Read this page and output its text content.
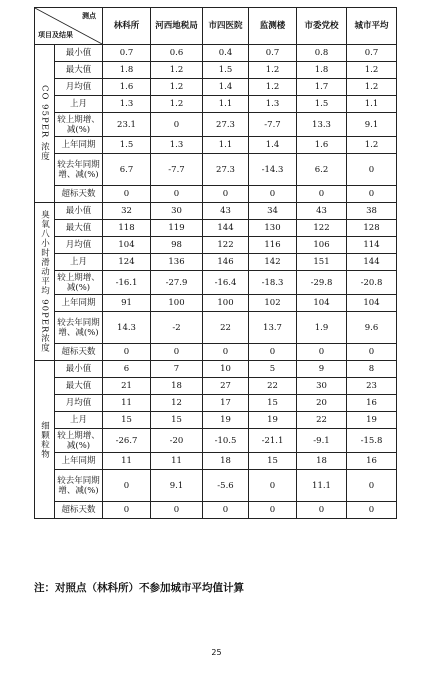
测点
项目及结果		林科所	河西地税局	市四医院	监测楼	市委党校	城市平均
CO 95PER 浓度	最小值	0.7	0.6	0.4	0.7	0.8	0.7
	最大值	1.8	1.2	1.5	1.2	1.8	1.2
	月均值	1.6	1.2	1.4	1.2	1.7	1.2
	上月	1.3	1.2	1.1	1.3	1.5	1.1
	较上期增、减(%)	23.1	0	27.3	-7.7	13.3	9.1
	上年同期	1.5	1.3	1.1	1.4	1.6	1.2
	较去年同期增、减(%)	6.7	-7.7	27.3	-14.3	6.2	0
	超标天数	0	0	0	0	0	0
臭氧八小时滑动平均 90PER浓度	最小值	32	30	43	34	43	38
	最大值	118	119	144	130	122	128
	月均值	104	98	122	116	106	114
	上月	124	136	146	142	151	144
	较上期增、减(%)	-16.1	-27.9	-16.4	-18.3	-29.8	-20.8
	上年同期	91	100	100	102	104	104
	较去年同期增、减(%)	14.3	-2	22	13.7	1.9	9.6
	超标天数	0	0	0	0	0	0
细颗粒物	最小值	6	7	10	5	9	8
	最大值	21	18	27	22	30	23
	月均值	11	12	17	15	20	16
	上月	15	15	19	19	22	19
	较上期增、减(%)	-26.7	-20	-10.5	-21.1	-9.1	-15.8
	上年同期	11	11	18	15	18	16
	较去年同期增、减(%)	0	9.1	-5.6	0	11.1	0
	超标天数	0	0	0	0	0	0
注：对照点（林科所）不参加城市平均值计算
25
